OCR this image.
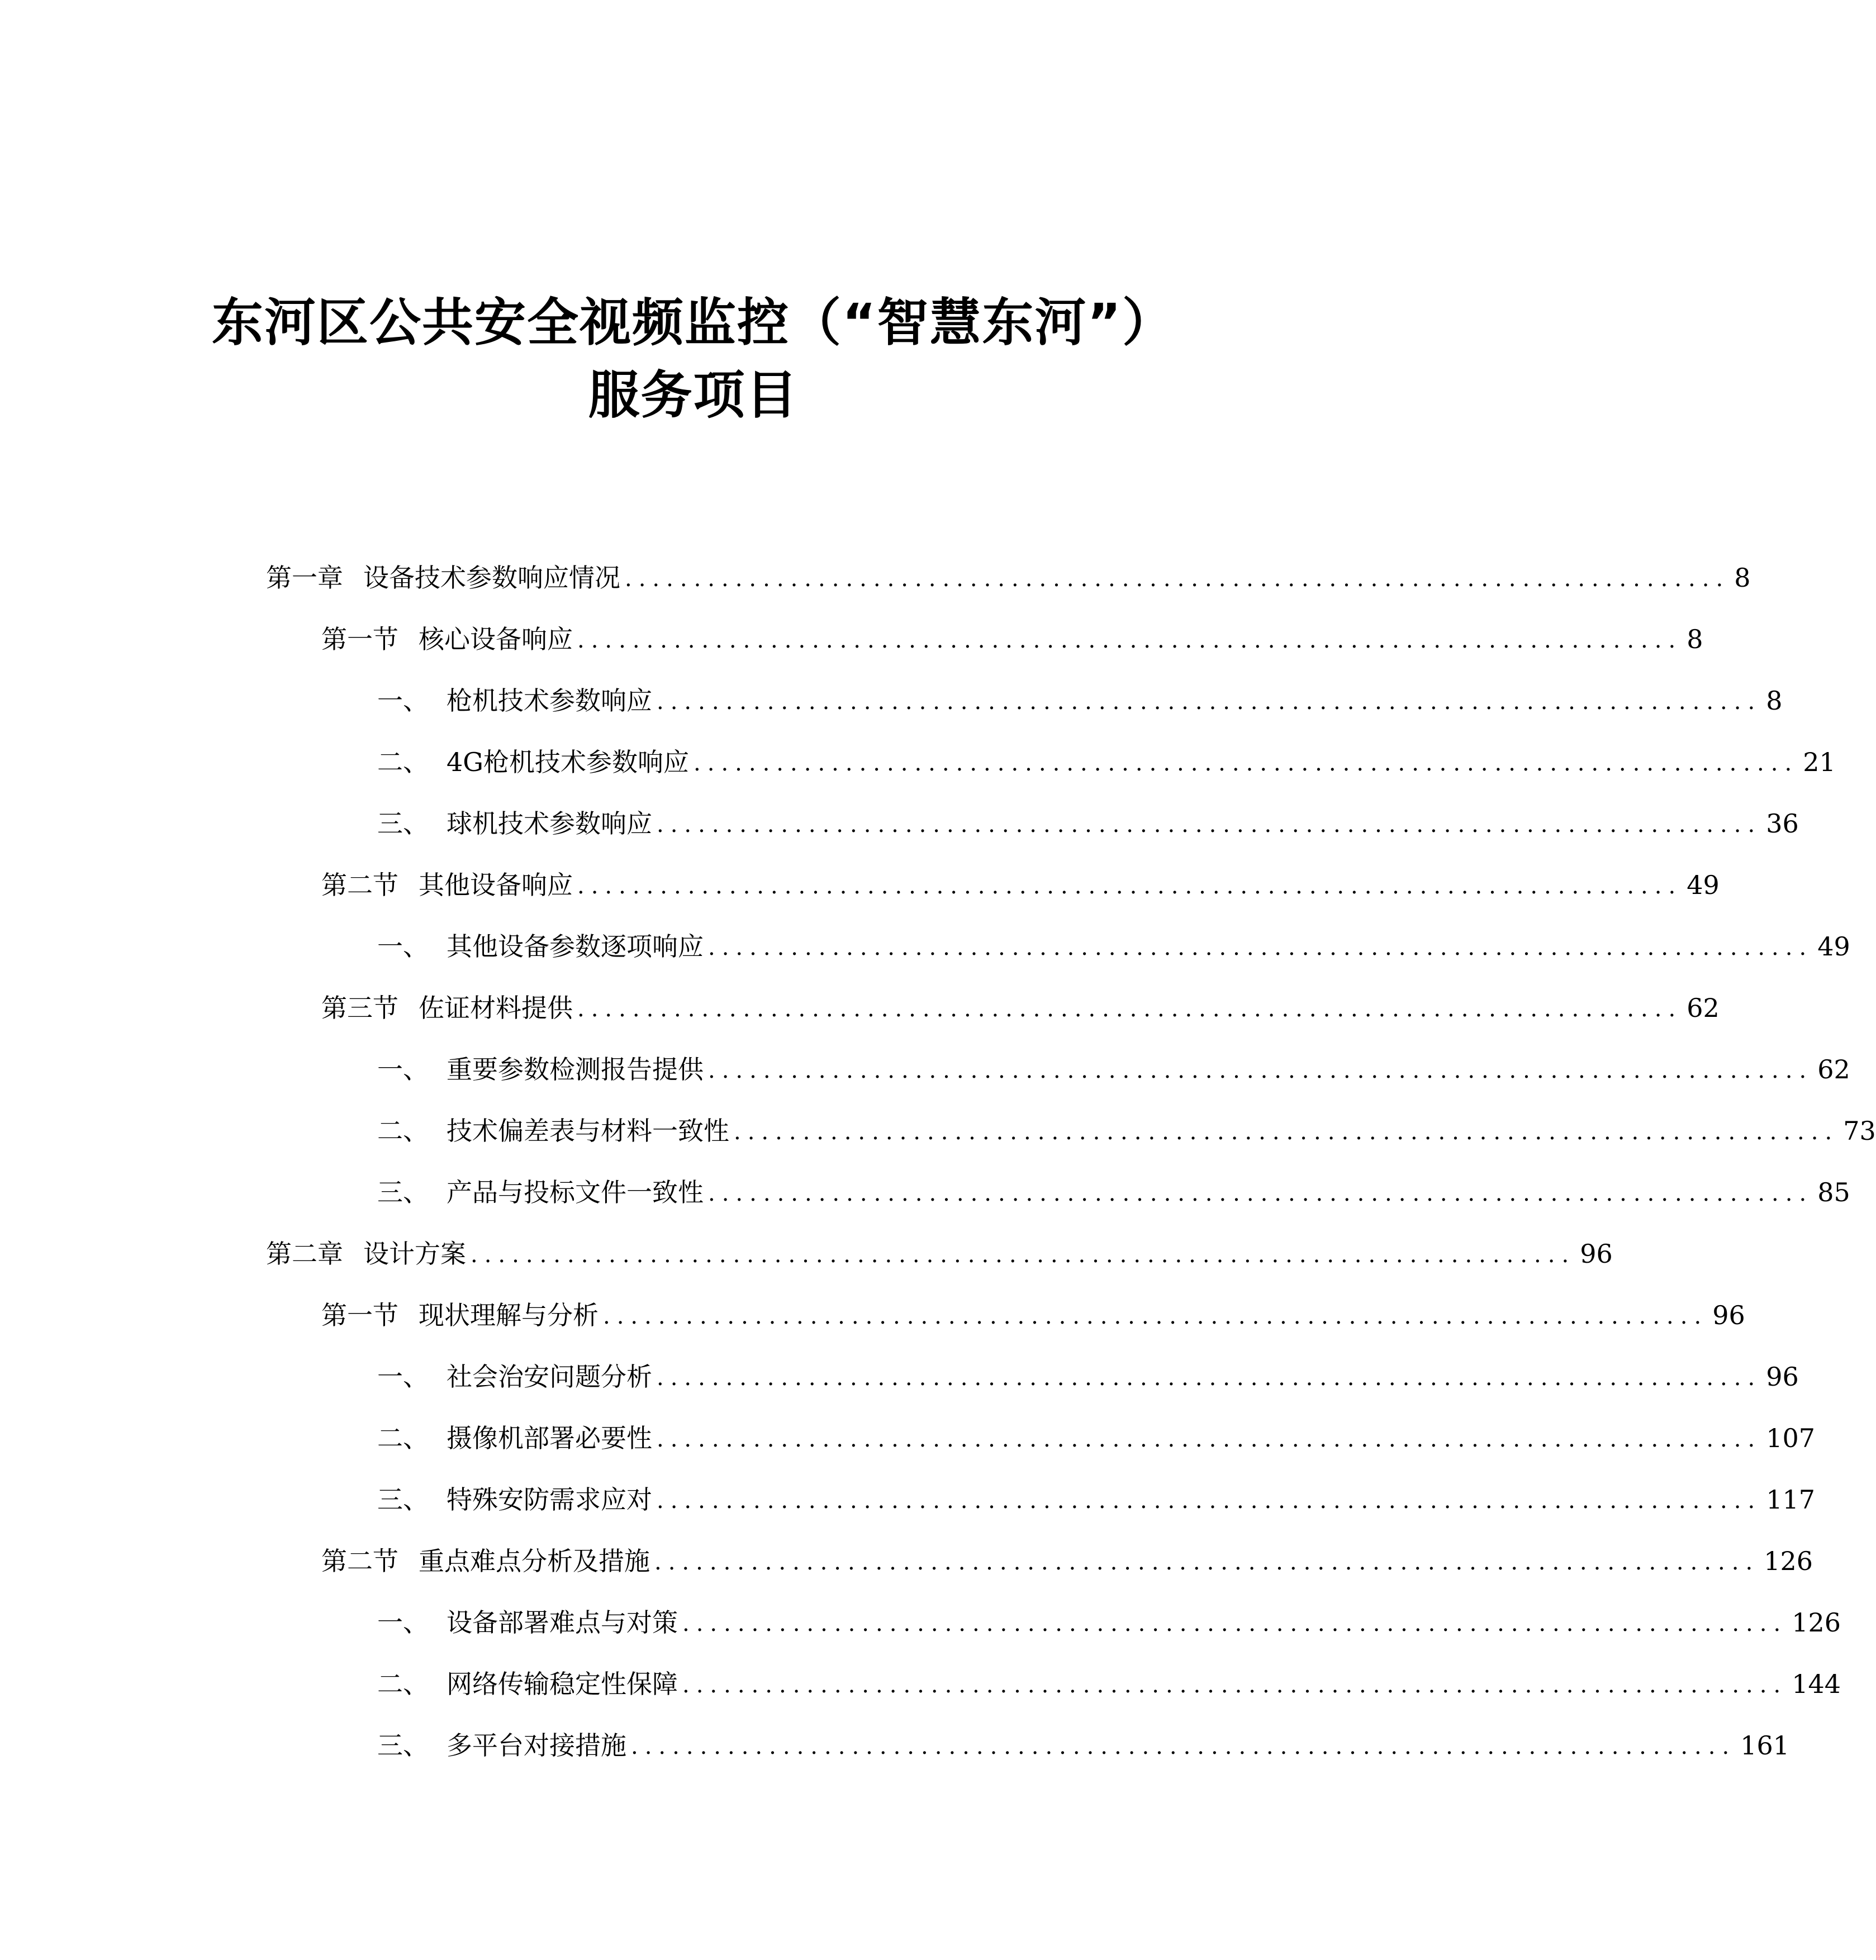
东河区公共安全视频监控（“智慧东河”）
服务项目
第一章 设备技术参数响应情况 ................................................................................ 8
第一节 核心设备响应 ................................................................................ 8
一、 枪机技术参数响应 ................................................................................ 8
二、 4G枪机技术参数响应 ................................................................................ 21
三、 球机技术参数响应 ................................................................................ 36
第二节 其他设备响应 ................................................................................ 49
一、 其他设备参数逐项响应 ................................................................................ 49
第三节 佐证材料提供 ................................................................................ 62
一、 重要参数检测报告提供 ................................................................................ 62
二、 技术偏差表与材料一致性 ................................................................................ 73
三、 产品与投标文件一致性 ................................................................................ 85
第二章 设计方案 ................................................................................ 96
第一节 现状理解与分析 ................................................................................ 96
一、 社会治安问题分析 ................................................................................ 96
二、 摄像机部署必要性 ................................................................................ 107
三、 特殊安防需求应对 ................................................................................ 117
第二节 重点难点分析及措施 ................................................................................ 126
一、 设备部署难点与对策 ................................................................................ 126
二、 网络传输稳定性保障 ................................................................................ 144
三、 多平台对接措施 ................................................................................ 161
